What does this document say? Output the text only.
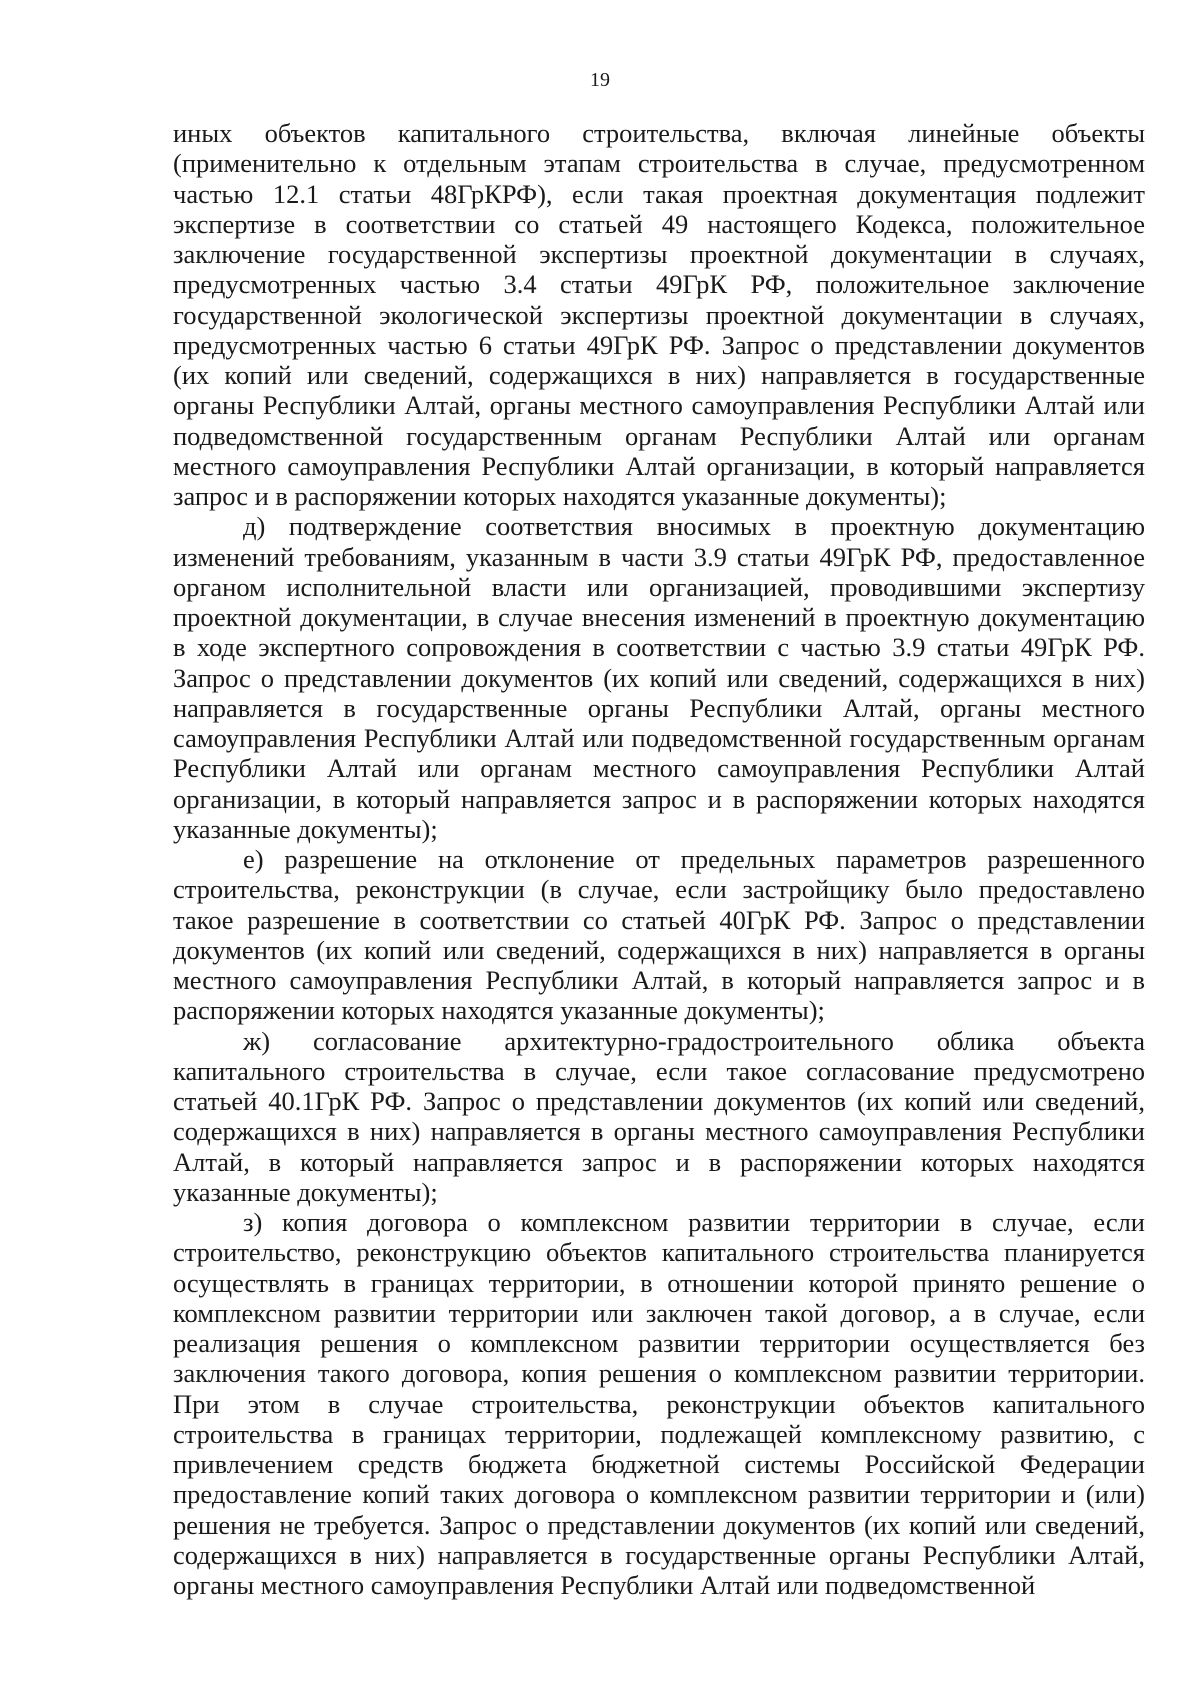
19

иных объектов капитального строительства, включая линейные объекты (применительно к отдельным этапам строительства в случае, предусмотренном частью 12.1 статьи 48ГрКРФ), если такая проектная документация подлежит экспертизе в соответствии со статьей 49 настоящего Кодекса, положительное заключение государственной экспертизы проектной документации в случаях, предусмотренных частью 3.4 статьи 49ГрК РФ, положительное заключение государственной экологической экспертизы проектной документации в случаях, предусмотренных частью 6 статьи 49ГрК РФ. Запрос о представлении документов (их копий или сведений, содержащихся в них) направляется в государственные органы Республики Алтай, органы местного самоуправления Республики Алтай или подведомственной государственным органам Республики Алтай или органам местного самоуправления Республики Алтай организации, в который направляется запрос и в распоряжении которых находятся указанные документы);

д) подтверждение соответствия вносимых в проектную документацию изменений требованиям, указанным в части 3.9 статьи 49ГрК РФ, предоставленное органом исполнительной власти или организацией, проводившими экспертизу проектной документации, в случае внесения изменений в проектную документацию в ходе экспертного сопровождения в соответствии с частью 3.9 статьи 49ГрК РФ. Запрос о представлении документов (их копий или сведений, содержащихся в них) направляется в государственные органы Республики Алтай, органы местного самоуправления Республики Алтай или подведомственной государственным органам Республики Алтай или органам местного самоуправления Республики Алтай организации, в который направляется запрос и в распоряжении которых находятся указанные документы);

е) разрешение на отклонение от предельных параметров разрешенного строительства, реконструкции (в случае, если застройщику было предоставлено такое разрешение в соответствии со статьей 40ГрК РФ. Запрос о представлении документов (их копий или сведений, содержащихся в них) направляется в органы местного самоуправления Республики Алтай, в который направляется запрос и в распоряжении которых находятся указанные документы);

ж) согласование архитектурно-градостроительного облика объекта капитального строительства в случае, если такое согласование предусмотрено статьей 40.1ГрК РФ. Запрос о представлении документов (их копий или сведений, содержащихся в них) направляется в органы местного самоуправления Республики Алтай, в который направляется запрос и в распоряжении которых находятся указанные документы);

з) копия договора о комплексном развитии территории в случае, если строительство, реконструкцию объектов капитального строительства планируется осуществлять в границах территории, в отношении которой принято решение о комплексном развитии территории или заключен такой договор, а в случае, если реализация решения о комплексном развитии территории осуществляется без заключения такого договора, копия решения о комплексном развитии территории. При этом в случае строительства, реконструкции объектов капитального строительства в границах территории, подлежащей комплексному развитию, с привлечением средств бюджета бюджетной системы Российской Федерации предоставление копий таких договора о комплексном развитии территории и (или) решения не требуется. Запрос о представлении документов (их копий или сведений, содержащихся в них) направляется в государственные органы Республики Алтай, органы местного самоуправления Республики Алтай или подведомственной
